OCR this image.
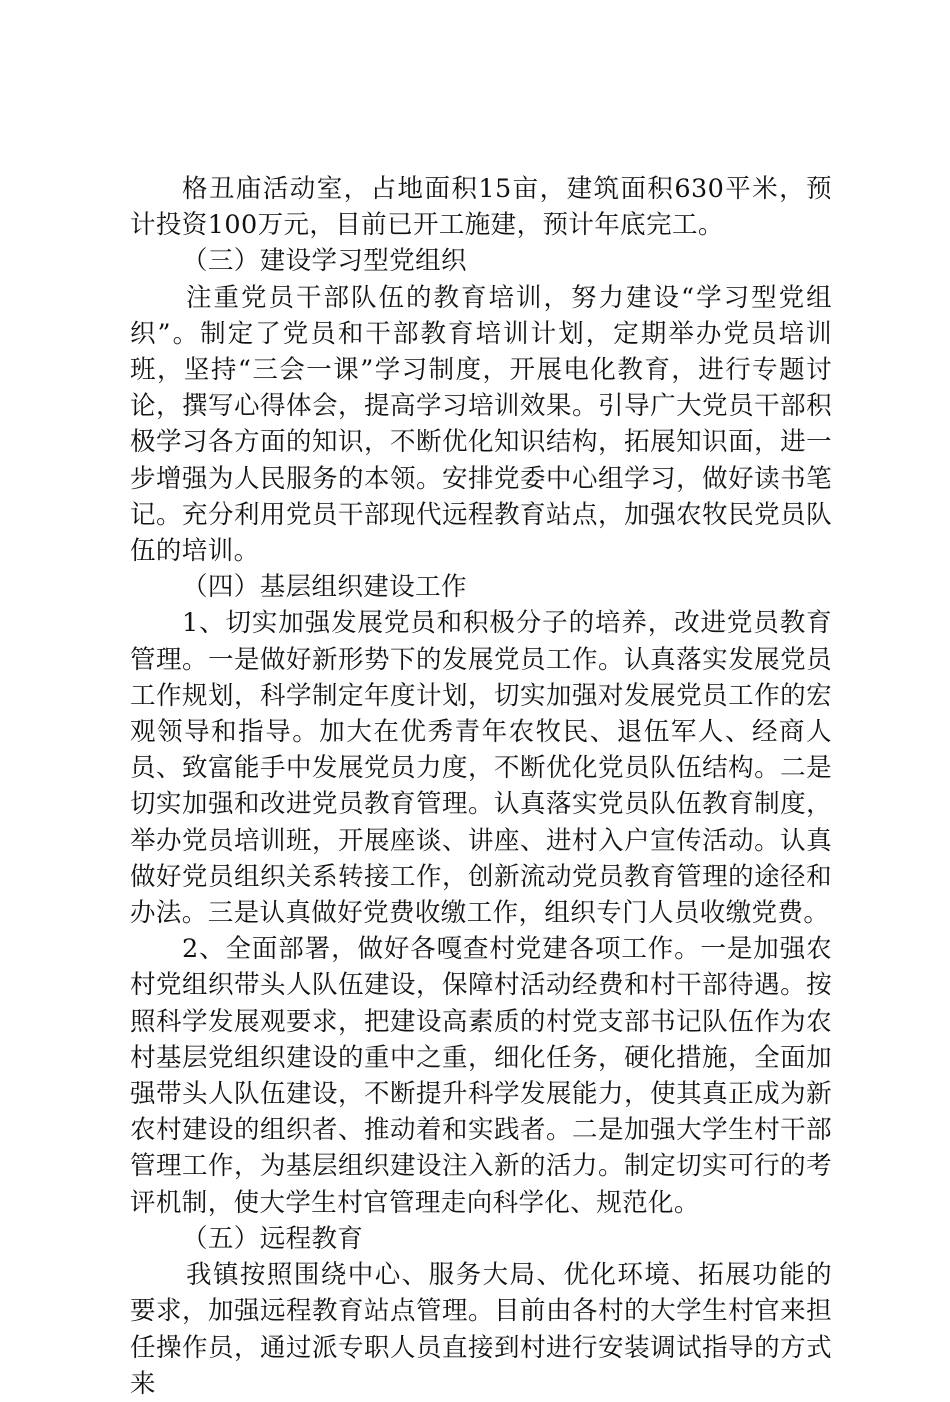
格丑庙活动室，占地面积15亩，建筑面积630平米，预计投资100万元，目前已开工施建，预计年底完工。

（三）建设学习型党组织

注重党员干部队伍的教育培训，努力建设“学习型党组织”。制定了党员和干部教育培训计划，定期举办党员培训班，坚持“三会一课”学习制度，开展电化教育，进行专题讨论，撰写心得体会，提高学习培训效果。引导广大党员干部积极学习各方面的知识，不断优化知识结构，拓展知识面，进一步增强为人民服务的本领。安排党委中心组学习，做好读书笔记。充分利用党员干部现代远程教育站点，加强农牧民党员队伍的培训。

（四）基层组织建设工作

1、切实加强发展党员和积极分子的培养，改进党员教育管理。一是做好新形势下的发展党员工作。认真落实发展党员工作规划，科学制定年度计划，切实加强对发展党员工作的宏观领导和指导。加大在优秀青年农牧民、退伍军人、经商人员、致富能手中发展党员力度，不断优化党员队伍结构。二是切实加强和改进党员教育管理。认真落实党员队伍教育制度，举办党员培训班，开展座谈、讲座、进村入户宣传活动。认真做好党员组织关系转接工作，创新流动党员教育管理的途径和办法。三是认真做好党费收缴工作，组织专门人员收缴党费。

2、全面部署，做好各嘎查村党建各项工作。一是加强农村党组织带头人队伍建设，保障村活动经费和村干部待遇。按照科学发展观要求，把建设高素质的村党支部书记队伍作为农村基层党组织建设的重中之重，细化任务，硬化措施，全面加强带头人队伍建设，不断提升科学发展能力，使其真正成为新农村建设的组织者、推动着和实践者。二是加强大学生村干部管理工作，为基层组织建设注入新的活力。制定切实可行的考评机制，使大学生村官管理走向科学化、规范化。

（五）远程教育

我镇按照围绕中心、服务大局、优化环境、拓展功能的要求，加强远程教育站点管理。目前由各村的大学生村官来担任操作员，通过派专职人员直接到村进行安装调试指导的方式来
